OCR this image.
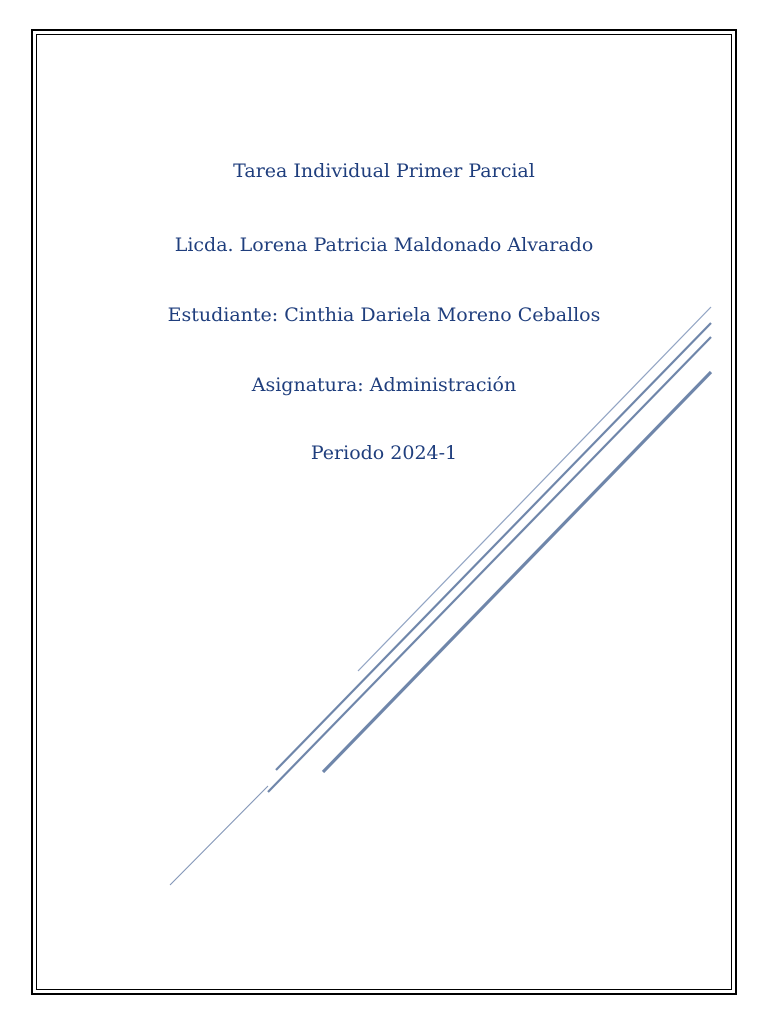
Tarea Individual Primer Parcial
Licda. Lorena Patricia Maldonado Alvarado
Estudiante: Cinthia Dariela Moreno Ceballos
Asignatura: Administración
Periodo 2024-1
